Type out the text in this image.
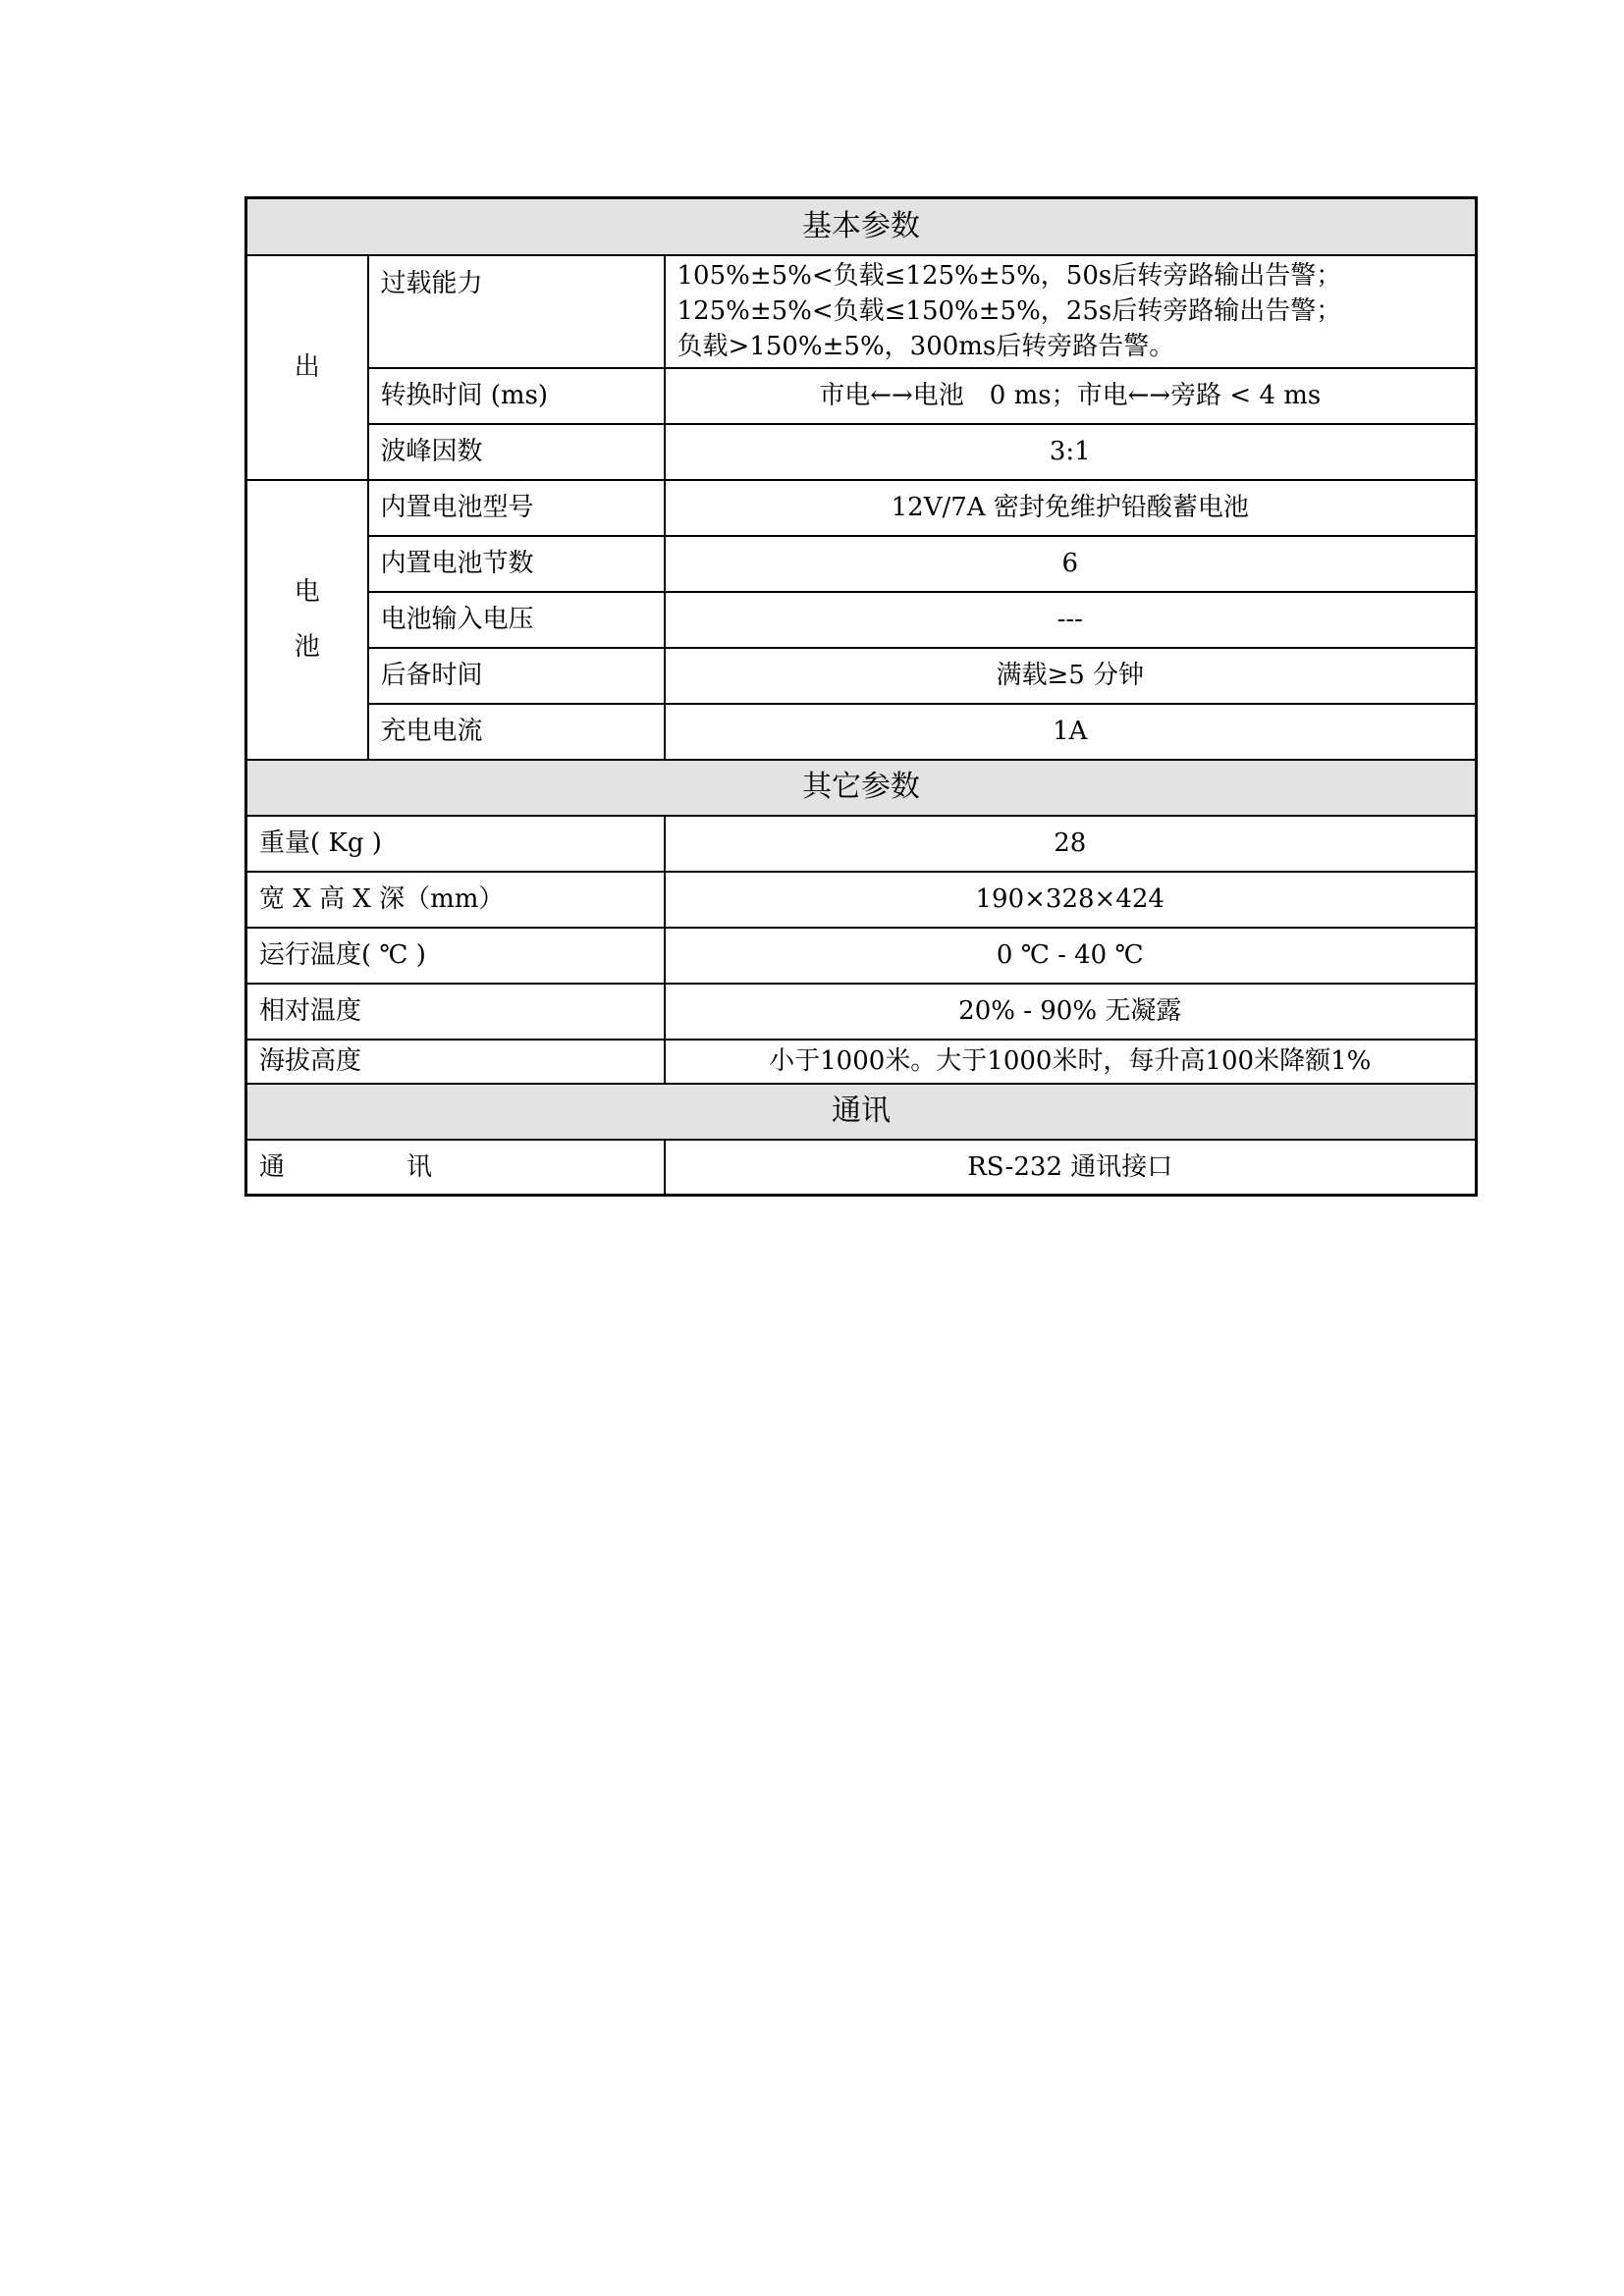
基本参数		
出	过载能力	105%±5%<负载≤125%±5%，50s后转旁路输出告警；
125%±5%<负载≤150%±5%，25s后转旁路输出告警；
负载>150%±5%，300ms后转旁路告警。

	转换时间 (ms)	市电←→电池　0 ms；市电←→旁路 < 4 ms
	波峰因数	3:1

电
池	内置电池型号	12V/7A 密封免维护铅酸蓄电池
	内置电池节数	6
	电池输入电压	---
	后备时间	满载≥5 分钟
	充电电流	1A
其它参数		
重量( Kg )		28
宽 X 高 X 深（mm）		190×328×424
运行温度( ℃ )		0 ℃ - 40 ℃
相对温度		20% - 90% 无凝露
海拔高度		小于1000米。大于1000米时，每升高100米降额1%
通讯		
通 讯		RS-232 通讯接口
